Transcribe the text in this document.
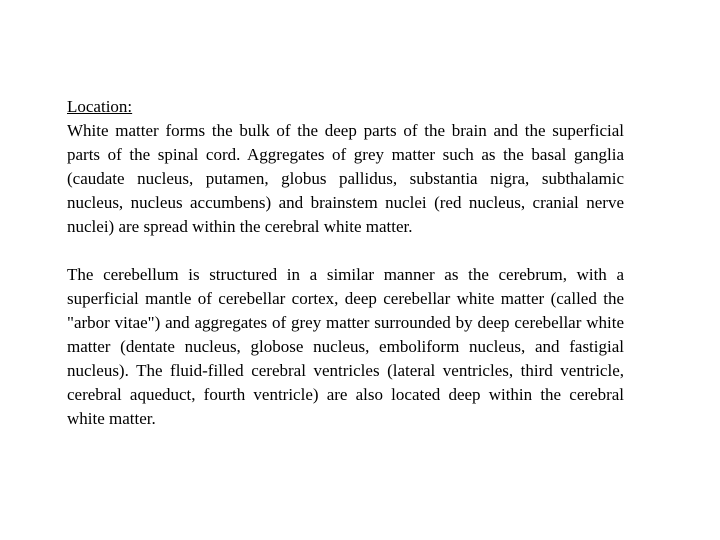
Location:

White matter forms the bulk of the deep parts of the brain and the superficial parts of the spinal cord. Aggregates of grey matter such as the basal ganglia (caudate nucleus, putamen, globus pallidus, substantia nigra, subthalamic nucleus, nucleus accumbens) and brainstem nuclei (red nucleus, cranial nerve nuclei) are spread within the cerebral white matter.

The cerebellum is structured in a similar manner as the cerebrum, with a superficial mantle of cerebellar cortex, deep cerebellar white matter (called the "arbor vitae") and aggregates of grey matter surrounded by deep cerebellar white matter (dentate nucleus, globose nucleus, emboliform nucleus, and fastigial nucleus). The fluid-filled cerebral ventricles (lateral ventricles, third ventricle, cerebral aqueduct, fourth ventricle) are also located deep within the cerebral white matter.
